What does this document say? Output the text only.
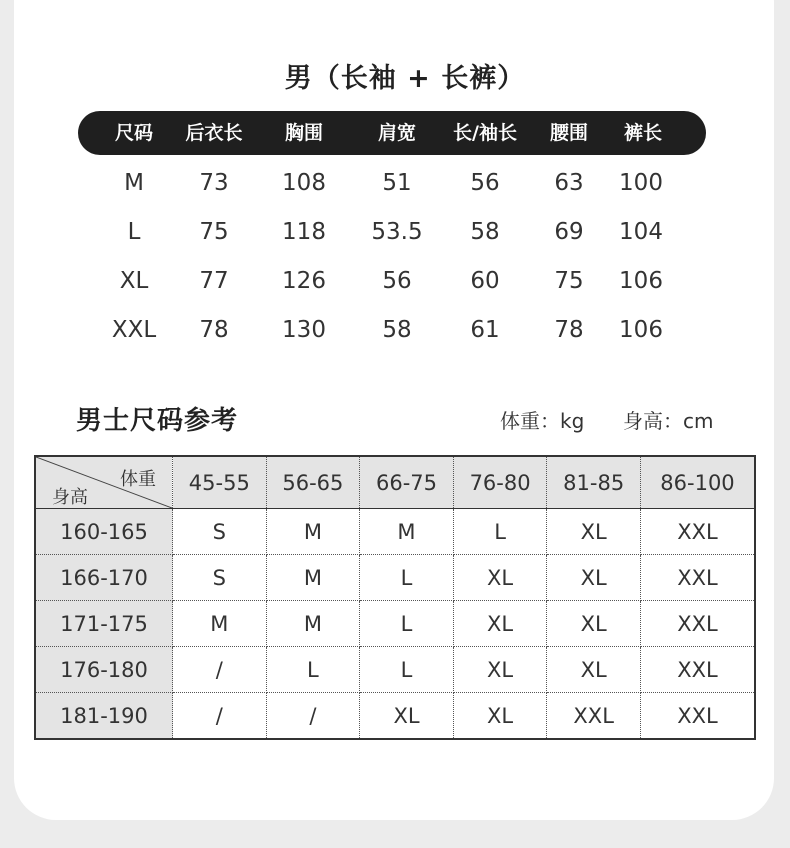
男（长袖 + 长裤）
尺码 后衣长 胸围	肩宽 长/袖长 腰围 裤长
M 73 108 51	56 63 100
L	75 118 53.5 58 69 104
XL 77 126 56	60 75 106
XXL 78 130 58	61 78 106
男士尺码参考	体重：kg 身高：cm
体重
身高	45-55	56-65	66-75	76-80	81-85	86-100
160-165	S	M	M	L	XL	XXL
166-170	S	M	L	XL	XL	XXL
171-175	M	M	L	XL	XL	XXL
176-180	/	L	L	XL	XL	XXL
181-190	/	/	XL	XL	XXL	XXL
